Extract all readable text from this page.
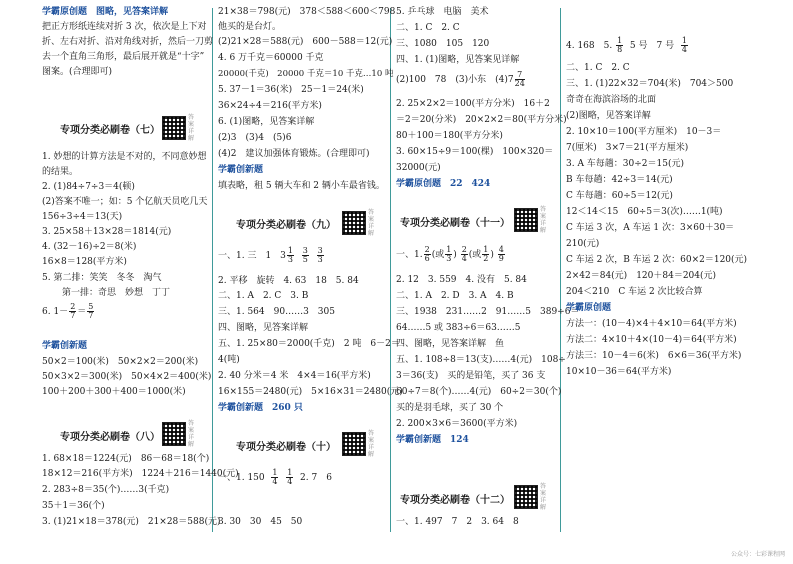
学霸原创题　图略，见答案详解
把正方形纸连续对折 3 次，依次是上下对
折、左右对折、沿对角线对折，然后一刀剪
去一个直角三角形，最后展开就是“十字”
图案。(合理即可)
专项分类必刷卷（七）
答案详解
1. 妙想的计算方法是不对的，不同意妙想
的结果。
2. (1)84÷7÷3＝4(顿)
(2)答案不唯一；如：5 个亿航天员吃几天
156÷3÷4＝13(天)
3. 25×58＋13×28＝1814(元)
4. (32－16)÷2＝8(米)
16×8＝128(平方米)
5. 第二排：笑笑　冬冬　淘气
第一排：奇思　妙想　丁丁
6. $1- \frac{2}{7} = \frac{5}{7}$
学霸创新题
50×2＝100(米)　50×2×2＝200(米)
50×3×2＝300(米)　50×4×2＝400(米)
100＋200＋300＋400＝1000(米)
专项分类必刷卷（八）
答案详解
1. 68×18＝1224(元)　86－68＝18(个)
18×12＝216(平方米)　1224＋216＝1440(元)
2. 283÷8＝35(个)……3(千克)
35＋1＝36(个)
3. (1)21×18＝378(元)　21×28＝588(元)
21×38＝798(元)　378＜588＜600＜798
他买的是台灯。
(2)21×28＝588(元)　600－588＝12(元)
4. 6 万千克＝60000 千克
20000(千克)　20000 千克＝10 千克…10 吨
5. 37－1＝36(米)　25－1＝24(米)
36×24÷4＝216(平方米)
6. (1)图略，见答案详解
(2)3　(3)4　(5)6
(4)2　建议加强体育锻炼。(合理即可)
学霸创新题
填表略，租 5 辆大车和 2 辆小车最省钱。
专项分类必刷卷（九）
答案详解
一、1. 三　1　$3 \frac{1}{3}$
$\frac{3}{5}$
$\frac{3}{3}$
2. 平移　旋转　4. 63　18　5. 84
二、1. A　2. C　3. B
三、1. 564　90……3　305
四、图略，见答案详解
五、1. 25×80＝2000(千克)　2 吨　6－2＝
4(吨)
2. 40 分米＝4 米　4×4＝16(平方米)
16×155＝2480(元)　5×16×31＝2480(元)
学霸创新题　260 只
专项分类必刷卷（十）
答案详解
一、1. $150 \frac{1}{4}$
$\frac{1}{4} 2$. 7　6
3. 30　30　45　50
5. 乒乓球　电脑　美术
二、1. C　2. C
三、1080　105　120
四、1. (1)图略，见答案见详解
(2)100　78　(3)小东　$(4)7 \frac{7}{24}$
2. 25×2×2＝100(平方分米)　16＋2
＝2＝20(分米)　20×2×2＝80(平方分米)
80＋100＝180(平方分米)
3. 60×15÷9＝100(棵)　100×320＝
32000(元)
学霸原创题　22　424
专项分类必刷卷（十一）
答案详解
一、1. $\frac{2}{6}$ (或 $\frac{1}{3}$ ) $\frac{2}{4}$ (或 $\frac{1}{2}$ ) $\frac{4}{9}$
2. 12　3. 559　4. 没有　5. 84
二、1. A　2. D　3. A　4. B
三、1938　231……2　91……5　389÷6＝
64……5 或 383÷6＝63……5
四、图略，见答案详解　鱼
五、1. 108÷8＝13(支)……4(元)　108÷
3＝36(支)　买的是铅笔，买了 36 支
60÷7＝8(个)……4(元)　60÷2＝30(个)
买的是羽毛球，买了 30 个
2. 200×3×6＝3600(平方米)
学霸创新题　124
专项分类必刷卷（十二）
答案详解
一、1. 497　7　2　3. 64　8
4. 168　5. $\frac{1}{8} 5$ 号　7 号 $\frac{1}{4}$
二、1. C　2. C
三、1. (1)22×32＝704(米)　704＞500
奇奇在海滨浴场的北面
(2)图略，见答案详解
2. 10×10＝100(平方厘米)　10－3＝
7(厘米)　3×7＝21(平方厘米)
3. A 车每趟：30÷2＝15(元)
B 车每趟：42÷3＝14(元)
C 车每趟：60÷5＝12(元)
12＜14＜15　60÷5＝3(次)……1(吨)
C 车运 3 次，A 车运 1 次：3×60＋30＝
210(元)
C 车运 2 次，B 车运 2 次：60×2＝120(元)
2×42＝84(元)　120＋84＝204(元)
204＜210　C 车运 2 次比较合算
学霸原创题
方法一：(10－4)×4＋4×10＝64(平方米)
方法二：4×10＋4×(10－4)＝64(平方米)
方法三：10－4＝6(米)　6×6＝36(平方米)
10×10－36＝64(平方米)
公众号：七彩课程网
